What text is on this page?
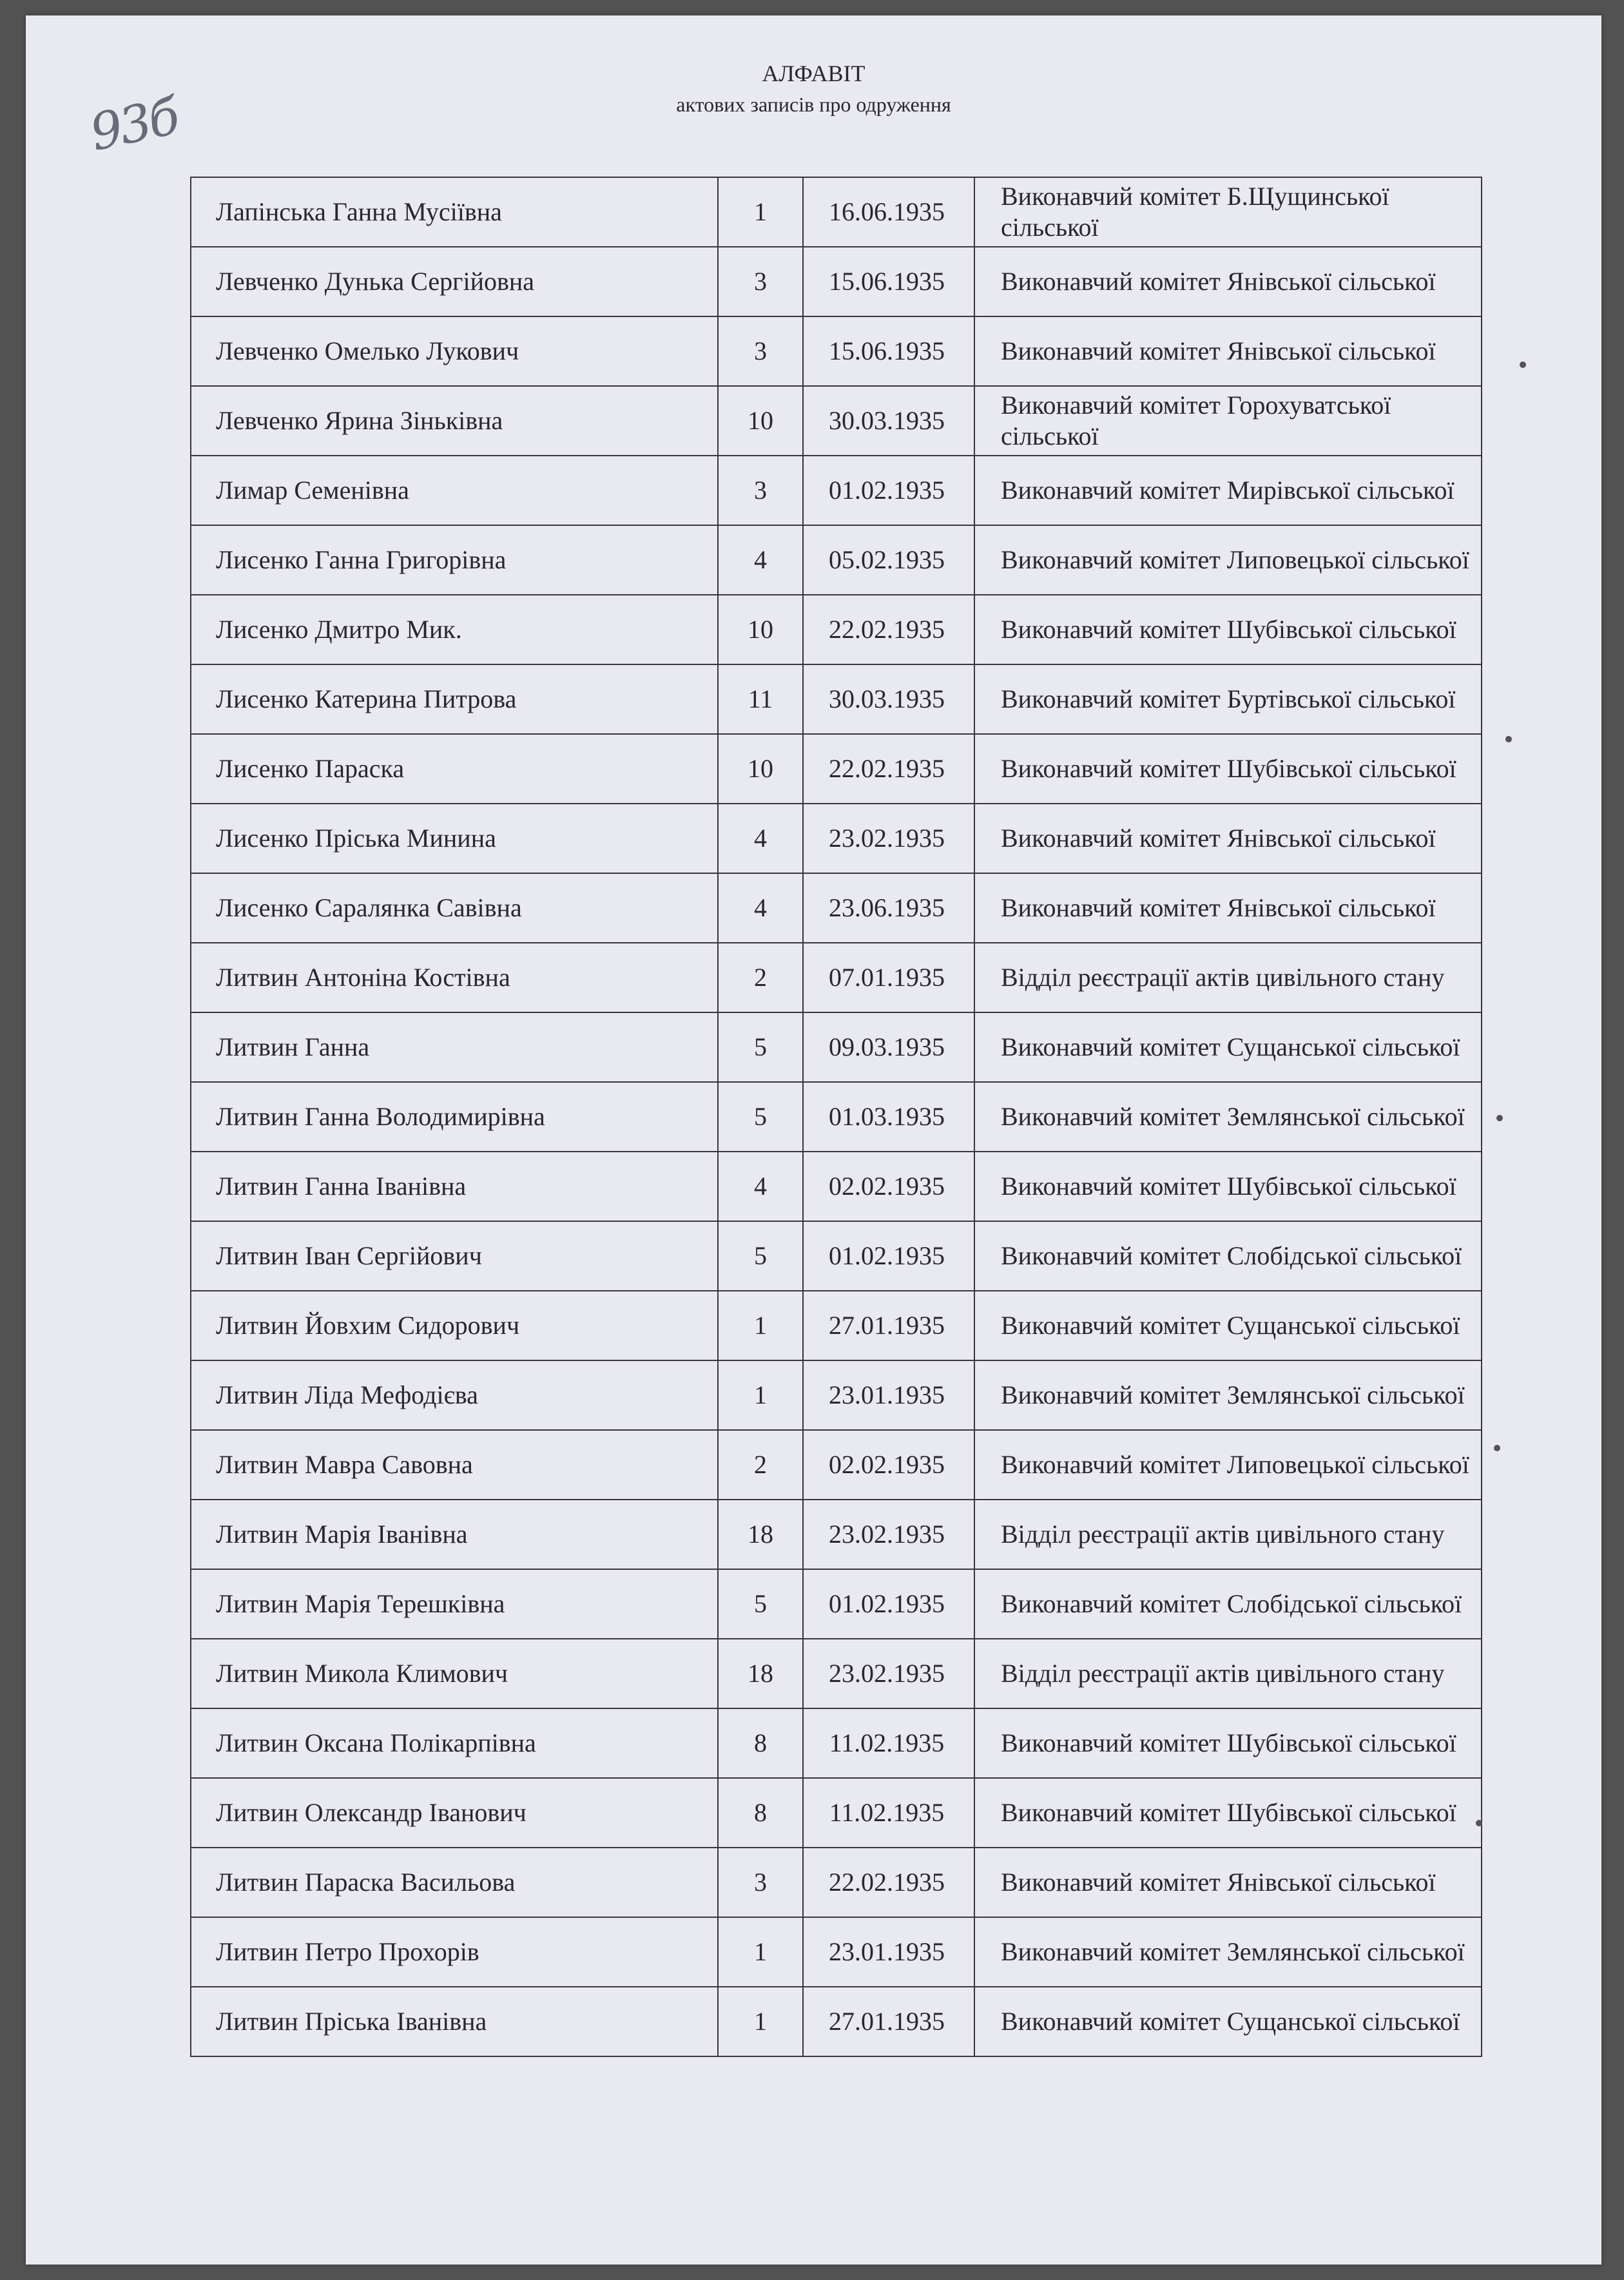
93б
АЛФАВІТ
актових записів про одруження
Лапінська Ганна Мусіївна	1	16.06.1935	Виконавчий комітет Б.Щущинської сільської
Левченко Дунька Сергійовна	3	15.06.1935	Виконавчий комітет Янівської сільської
Левченко Омелько Лукович	3	15.06.1935	Виконавчий комітет Янівської сільської
Левченко Ярина Зіньківна	10	30.03.1935	Виконавчий комітет Горохуватської сільської
Лимар Семенівна	3	01.02.1935	Виконавчий комітет Мирівської сільської
Лисенко Ганна Григорівна	4	05.02.1935	Виконавчий комітет Липовецької сільської
Лисенко Дмитро Мик.	10	22.02.1935	Виконавчий комітет Шубівської сільської
Лисенко Катерина Питрова	11	30.03.1935	Виконавчий комітет Буртівської сільської
Лисенко Параска	10	22.02.1935	Виконавчий комітет Шубівської сільської
Лисенко Пріська Минина	4	23.02.1935	Виконавчий комітет Янівської сільської
Лисенко Саралянка Савівна	4	23.06.1935	Виконавчий комітет Янівської сільської
Литвин Антоніна Костівна	2	07.01.1935	Відділ реєстрації актів цивільного стану
Литвин Ганна	5	09.03.1935	Виконавчий комітет Сущанської сільської
Литвин Ганна Володимирівна	5	01.03.1935	Виконавчий комітет Землянської сільської
Литвин Ганна Іванівна	4	02.02.1935	Виконавчий комітет Шубівської сільської
Литвин Іван Сергійович	5	01.02.1935	Виконавчий комітет Слобідської сільської
Литвин Йовхим Сидорович	1	27.01.1935	Виконавчий комітет Сущанської сільської
Литвин Ліда Мефодієва	1	23.01.1935	Виконавчий комітет Землянської сільської
Литвин Мавра Савовна	2	02.02.1935	Виконавчий комітет Липовецької сільської
Литвин Марія Іванівна	18	23.02.1935	Відділ реєстрації актів цивільного стану
Литвин Марія Терешківна	5	01.02.1935	Виконавчий комітет Слобідської сільської
Литвин Микола Климович	18	23.02.1935	Відділ реєстрації актів цивільного стану
Литвин Оксана Полікарпівна	8	11.02.1935	Виконавчий комітет Шубівської сільської
Литвин Олександр Іванович	8	11.02.1935	Виконавчий комітет Шубівської сільської
Литвин Параска Васильова	3	22.02.1935	Виконавчий комітет Янівської сільської
Литвин Петро Прохорів	1	23.01.1935	Виконавчий комітет Землянської сільської
Литвин Пріська Іванівна	1	27.01.1935	Виконавчий комітет Сущанської сільської
